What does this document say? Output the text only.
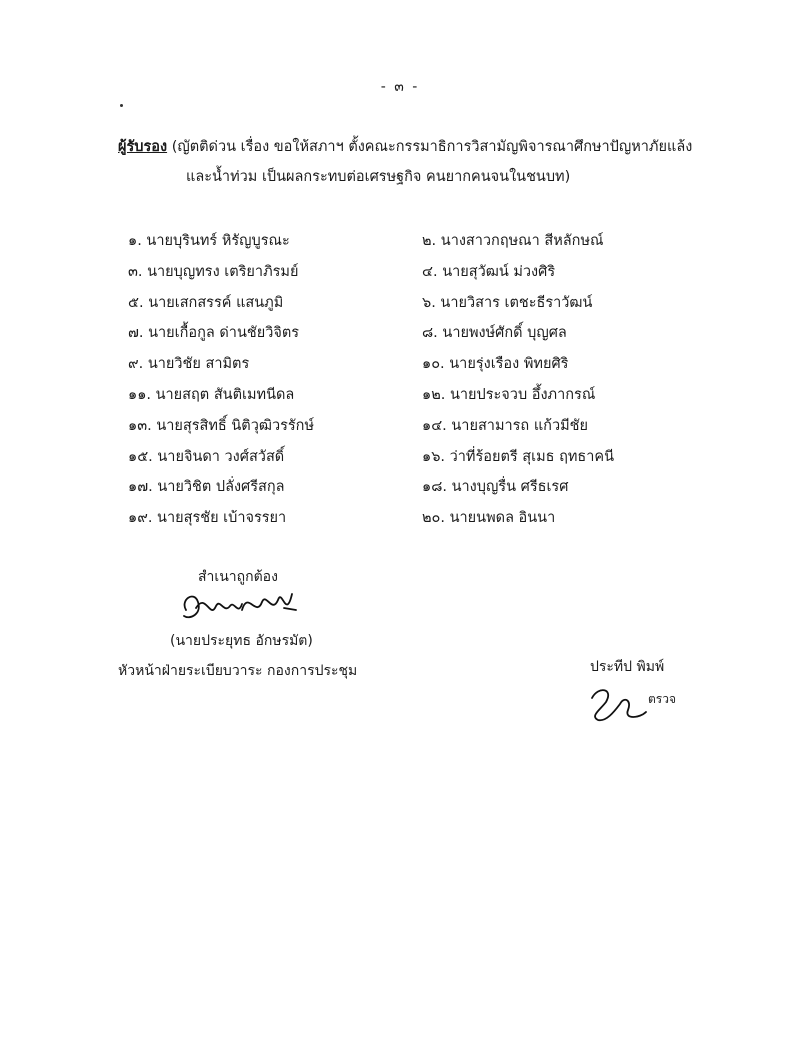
- ๓ -
ผู้รับรอง (ญัตติด่วน เรื่อง ขอให้สภาฯ ตั้งคณะกรรมาธิการวิสามัญพิจารณาศึกษาปัญหาภัยแล้ง
และน้ำท่วม เป็นผลกระทบต่อเศรษฐกิจ คนยากคนจนในชนบท)
๑. นายบุรินทร์ หิรัญบูรณะ
๓. นายบุญทรง เตริยาภิรมย์
๕. นายเสกสรรค์ แสนภูมิ
๗. นายเกื้อกูล ด่านชัยวิจิตร
๙. นายวิชัย สามิตร
๑๑. นายสฤต สันติเมทนีดล
๑๓. นายสุรสิทธิ์ นิติวุฒิวรรักษ์
๑๕. นายจินดา วงศ์สวัสดิ์
๑๗. นายวิชิต ปลั่งศรีสกุล
๑๙. นายสุรชัย เบ้าจรรยา
๒. นางสาวกฤษณา สีหลักษณ์
๔. นายสุวัฒน์ ม่วงศิริ
๖. นายวิสาร เตชะธีราวัฒน์
๘. นายพงษ์ศักดิ์ บุญศล
๑๐. นายรุ่งเรือง พิทยศิริ
๑๒. นายประจวบ อึ้งภากรณ์
๑๔. นายสามารถ แก้วมีชัย
๑๖. ว่าที่ร้อยตรี สุเมธ ฤทธาคนี
๑๘. นางบุญรื่น ศรีธเรศ
๒๐. นายนพดล อินนา
สำเนาถูกต้อง
(นายประยุทธ อักษรมัต)
หัวหน้าฝ่ายระเบียบวาระ กองการประชุม	ประทีป พิมพ์
ตรวจ
